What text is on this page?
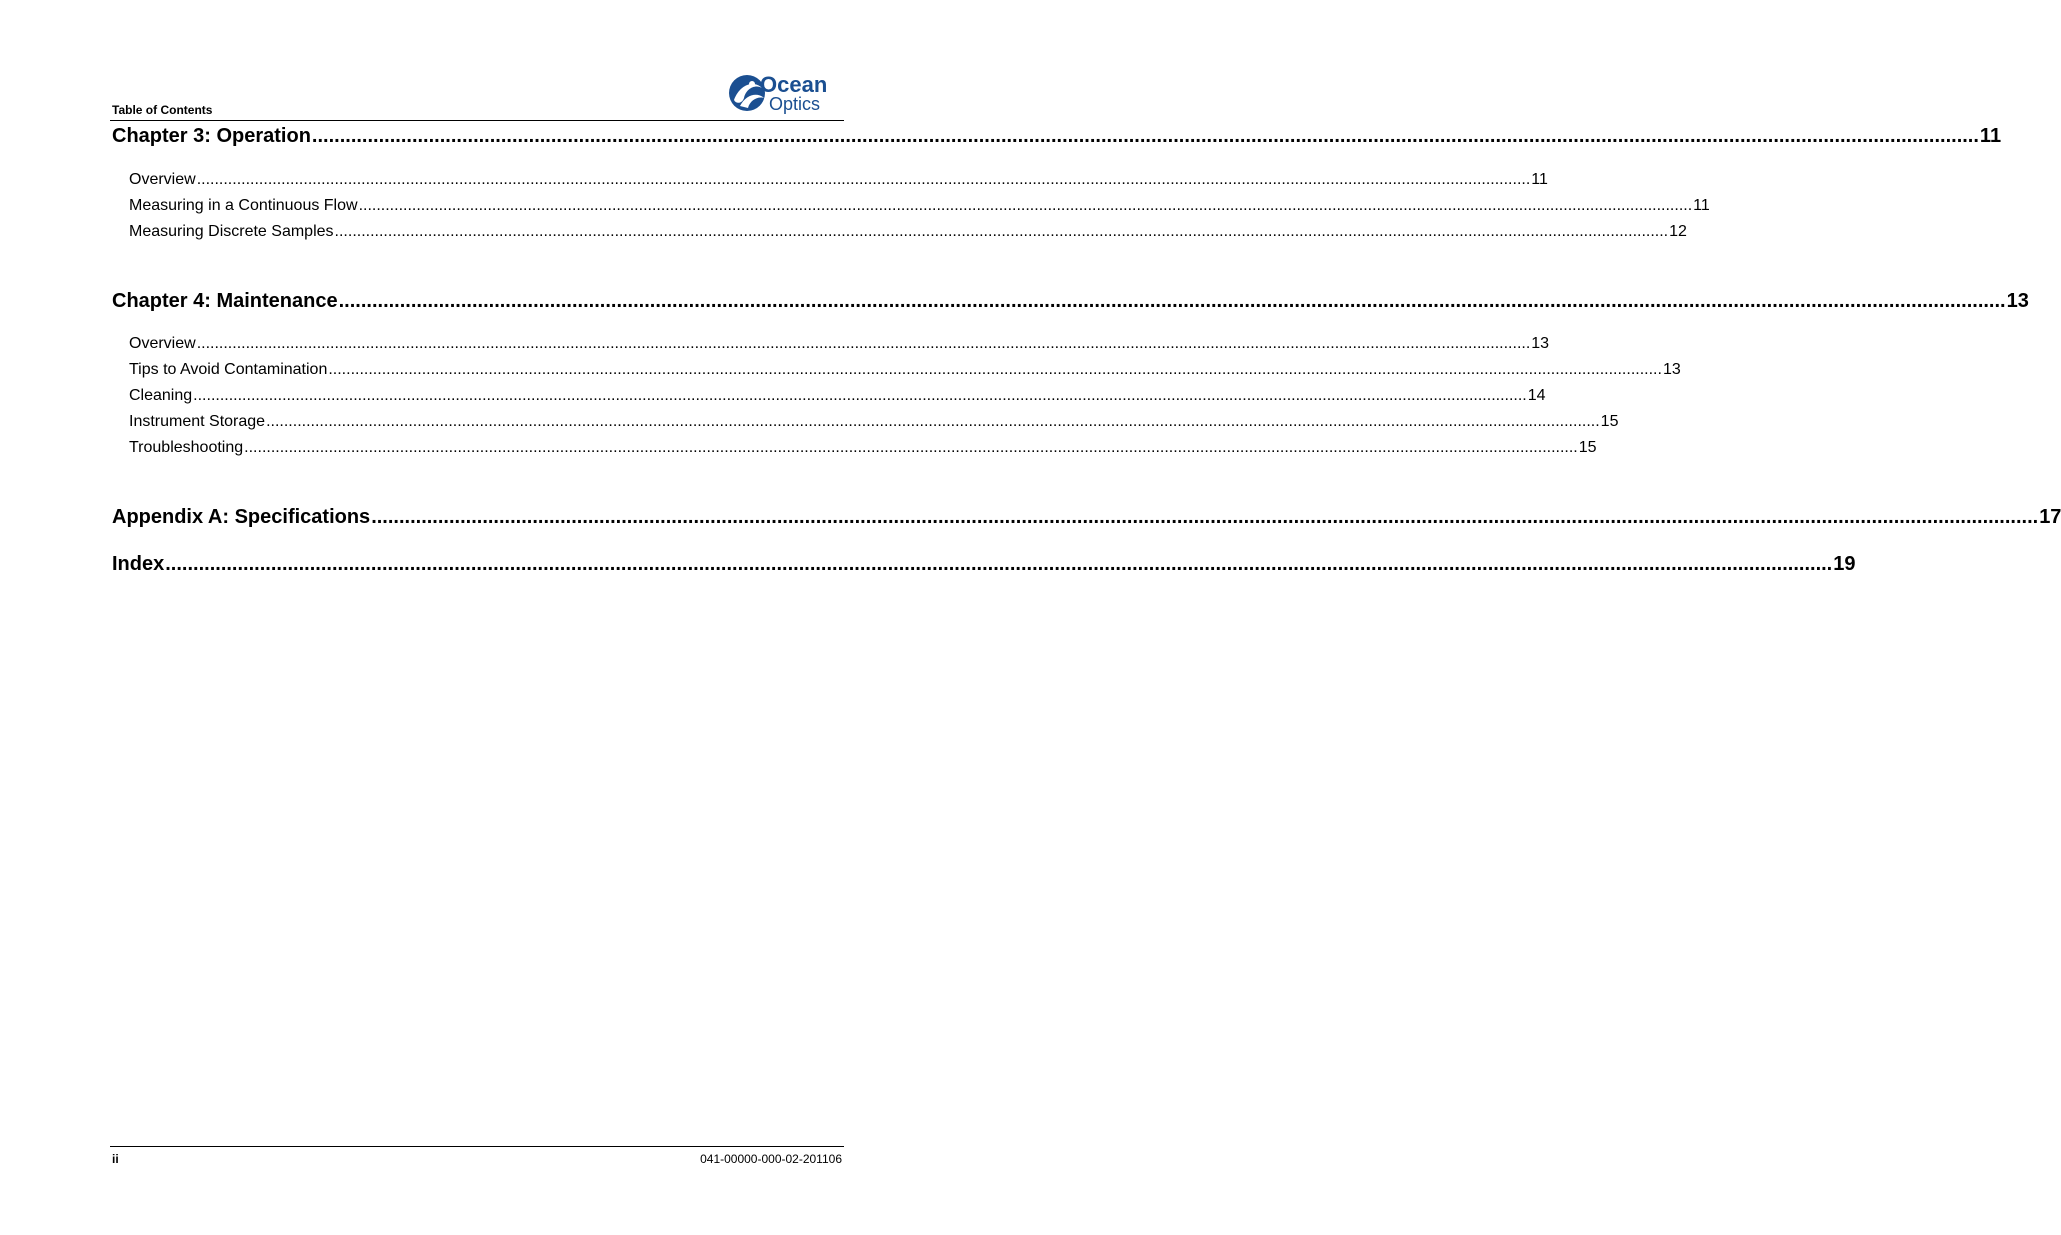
Table of Contents
Ocean
Optics
Chapter 3: Operation ............................................................................................................................................................................................................................................................................................................ 11
Overview ............................................................................................................................................................................................................................................................................................................ 11
Measuring in a Continuous Flow ............................................................................................................................................................................................................................................................................................................ 11
Measuring Discrete Samples ............................................................................................................................................................................................................................................................................................................ 12
Chapter 4: Maintenance ............................................................................................................................................................................................................................................................................................................ 13
Overview ............................................................................................................................................................................................................................................................................................................ 13
Tips to Avoid Contamination ............................................................................................................................................................................................................................................................................................................ 13
Cleaning ............................................................................................................................................................................................................................................................................................................ 14
Instrument Storage ............................................................................................................................................................................................................................................................................................................ 15
Troubleshooting ............................................................................................................................................................................................................................................................................................................ 15
Appendix A: Specifications ............................................................................................................................................................................................................................................................................................................ 17
Index ............................................................................................................................................................................................................................................................................................................ 19
ii	041-00000-000-02-201106
